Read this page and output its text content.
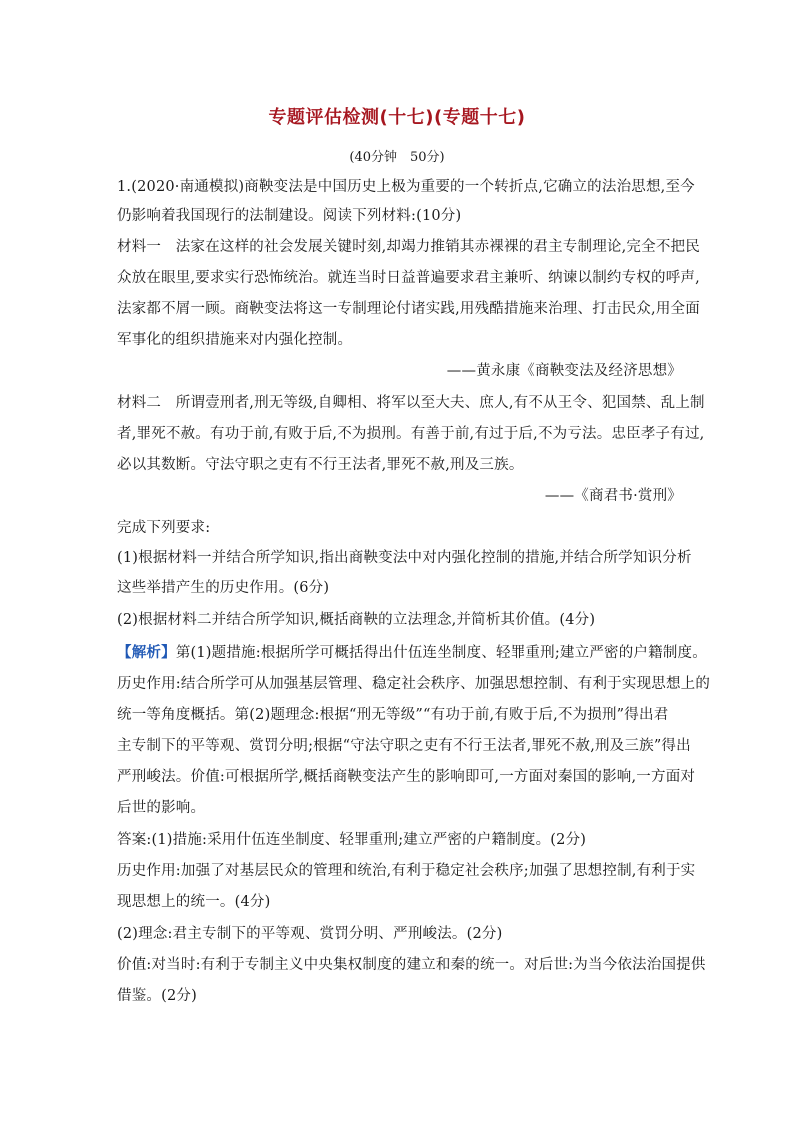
专题评估检测(十七)(专题十七)
(40分钟　50分)
1.(2020·南通模拟)商鞅变法是中国历史上极为重要的一个转折点,它确立的法治思想,至今
仍影响着我国现行的法制建设。阅读下列材料:(10分)
材料一　法家在这样的社会发展关键时刻,却竭力推销其赤裸裸的君主专制理论,完全不把民
众放在眼里,要求实行恐怖统治。就连当时日益普遍要求君主兼听、纳谏以制约专权的呼声,
法家都不屑一顾。商鞅变法将这一专制理论付诸实践,用残酷措施来治理、打击民众,用全面
军事化的组织措施来对内强化控制。
——黄永康《商鞅变法及经济思想》
材料二　所谓壹刑者,刑无等级,自卿相、将军以至大夫、庶人,有不从王令、犯国禁、乱上制
者,罪死不赦。有功于前,有败于后,不为损刑。有善于前,有过于后,不为亏法。忠臣孝子有过,
必以其数断。守法守职之吏有不行王法者,罪死不赦,刑及三族。
——《商君书·赏刑》
完成下列要求:
(1)根据材料一并结合所学知识,指出商鞅变法中对内强化控制的措施,并结合所学知识分析
这些举措产生的历史作用。(6分)
(2)根据材料二并结合所学知识,概括商鞅的立法理念,并简析其价值。(4分)
【解析】第(1)题措施:根据所学可概括得出什伍连坐制度、轻罪重刑;建立严密的户籍制度。
历史作用:结合所学可从加强基层管理、稳定社会秩序、加强思想控制、有利于实现思想上的
统一等角度概括。第(2)题理念:根据“刑无等级”“有功于前,有败于后,不为损刑”得出君
主专制下的平等观、赏罚分明;根据“守法守职之吏有不行王法者,罪死不赦,刑及三族”得出
严刑峻法。价值:可根据所学,概括商鞅变法产生的影响即可,一方面对秦国的影响,一方面对
后世的影响。
答案:(1)措施:采用什伍连坐制度、轻罪重刑;建立严密的户籍制度。(2分)
历史作用:加强了对基层民众的管理和统治,有利于稳定社会秩序;加强了思想控制,有利于实
现思想上的统一。(4分)
(2)理念:君主专制下的平等观、赏罚分明、严刑峻法。(2分)
价值:对当时:有利于专制主义中央集权制度的建立和秦的统一。对后世:为当今依法治国提供
借鉴。(2分)
